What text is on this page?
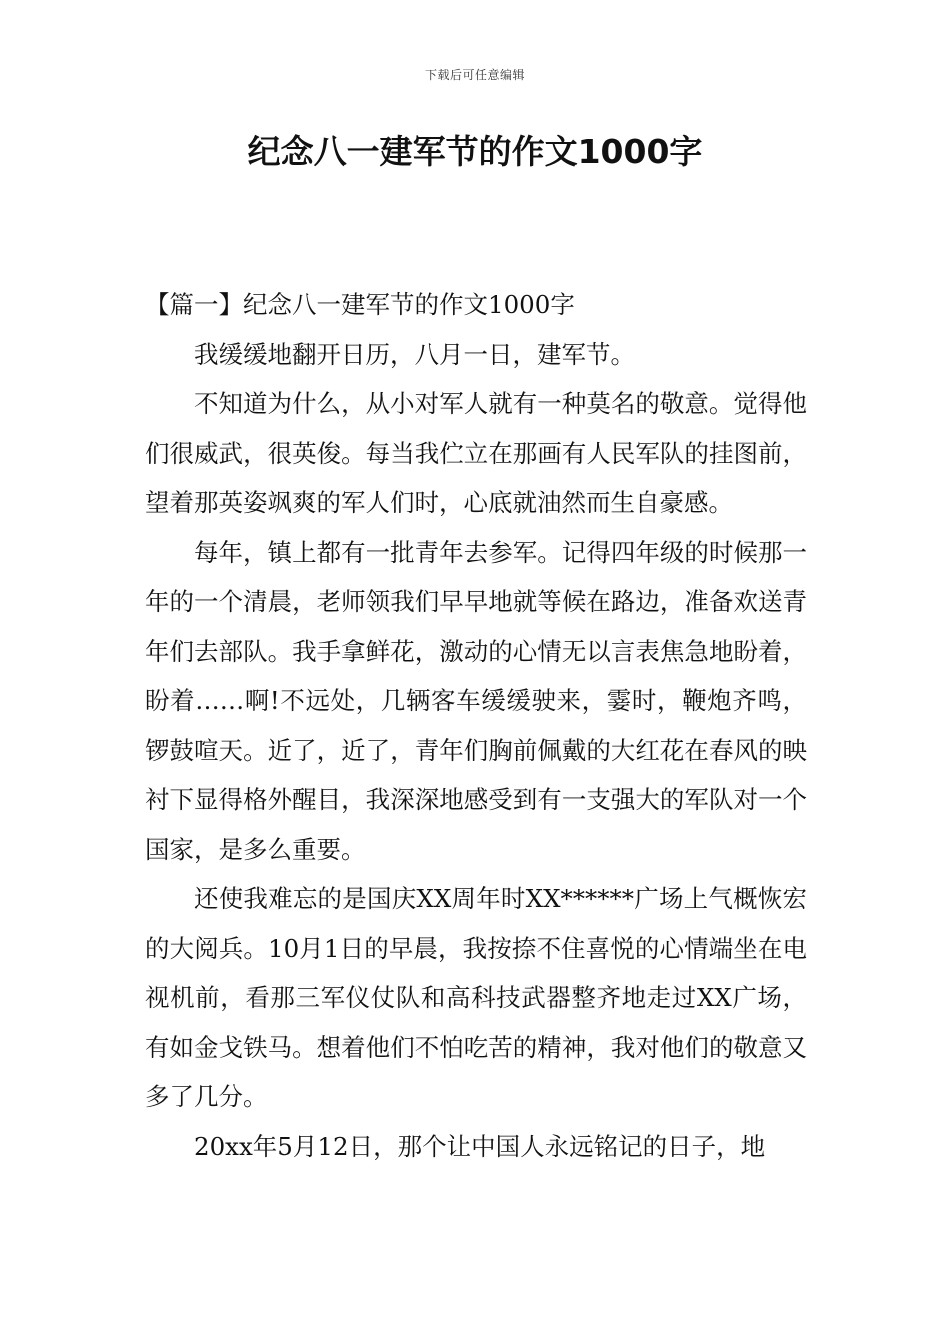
下载后可任意编辑
纪念八一建军节的作文1000字
【篇一】纪念八一建军节的作文1000字

我缓缓地翻开日历，八月一日，建军节。

不知道为什么，从小对军人就有一种莫名的敬意。觉得他们很威武，很英俊。每当我伫立在那画有人民军队的挂图前，望着那英姿飒爽的军人们时，心底就油然而生自豪感。

每年，镇上都有一批青年去参军。记得四年级的时候那一年的一个清晨，老师领我们早早地就等候在路边，准备欢送青年们去部队。我手拿鲜花，激动的心情无以言表焦急地盼着，盼着……啊!不远处，几辆客车缓缓驶来，霎时，鞭炮齐鸣，锣鼓喧天。近了，近了，青年们胸前佩戴的大红花在春风的映衬下显得格外醒目，我深深地感受到有一支强大的军队对一个国家，是多么重要。

还使我难忘的是国庆XX周年时XX******广场上气概恢宏的大阅兵。10月1日的早晨，我按捺不住喜悦的心情端坐在电视机前，看那三军仪仗队和高科技武器整齐地走过XX广场，有如金戈铁马。想着他们不怕吃苦的精神，我对他们的敬意又多了几分。

20xx年5月12日，那个让中国人永远铭记的日子，地
